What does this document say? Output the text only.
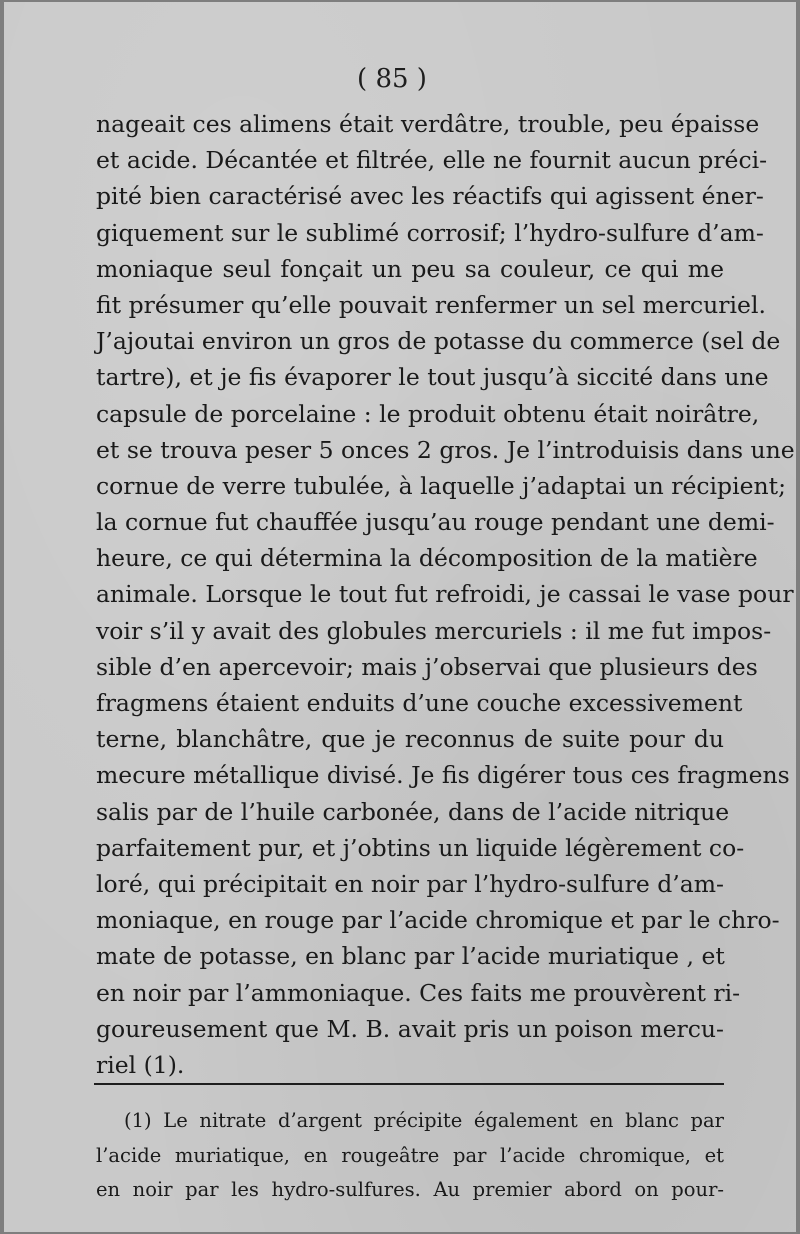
( 85 )
nageait ces alimens était verdâtre, trouble, peu épaisse
et acide. Décantée et filtrée, elle ne fournit aucun préci-
pité bien caractérisé avec les réactifs qui agissent éner-
giquement sur le sublimé corrosif; l’hydro-sulfure d’am-
moniaque seul fonçait un peu sa couleur, ce qui me
fit présumer qu’elle pouvait renfermer un sel mercuriel.
J’ajoutai environ un gros de potasse du commerce (sel de
tartre), et je fis évaporer le tout jusqu’à siccité dans une
capsule de porcelaine : le produit obtenu était noirâtre,
et se trouva peser 5 onces 2 gros. Je l’introduisis dans une
cornue de verre tubulée, à laquelle j’adaptai un récipient;
la cornue fut chauffée jusqu’au rouge pendant une demi-
heure, ce qui détermina la décomposition de la matière
animale. Lorsque le tout fut refroidi, je cassai le vase pour
voir s’il y avait des globules mercuriels : il me fut impos-
sible d’en apercevoir; mais j’observai que plusieurs des
fragmens étaient enduits d’une couche excessivement
terne, blanchâtre, que je reconnus de suite pour du
mecure métallique divisé. Je fis digérer tous ces fragmens
salis par de l’huile carbonée, dans de l’acide nitrique
parfaitement pur, et j’obtins un liquide légèrement co-
loré, qui précipitait en noir par l’hydro-sulfure d’am-
moniaque, en rouge par l’acide chromique et par le chro-
mate de potasse, en blanc par l’acide muriatique , et
en noir par l’ammoniaque. Ces faits me prouvèrent ri-
goureusement que M. B. avait pris un poison mercu-
riel (1).
(1) Le nitrate d’argent précipite également en blanc par
l’acide muriatique, en rougeâtre par l’acide chromique, et
en noir par les hydro-sulfures. Au premier abord on pour-
